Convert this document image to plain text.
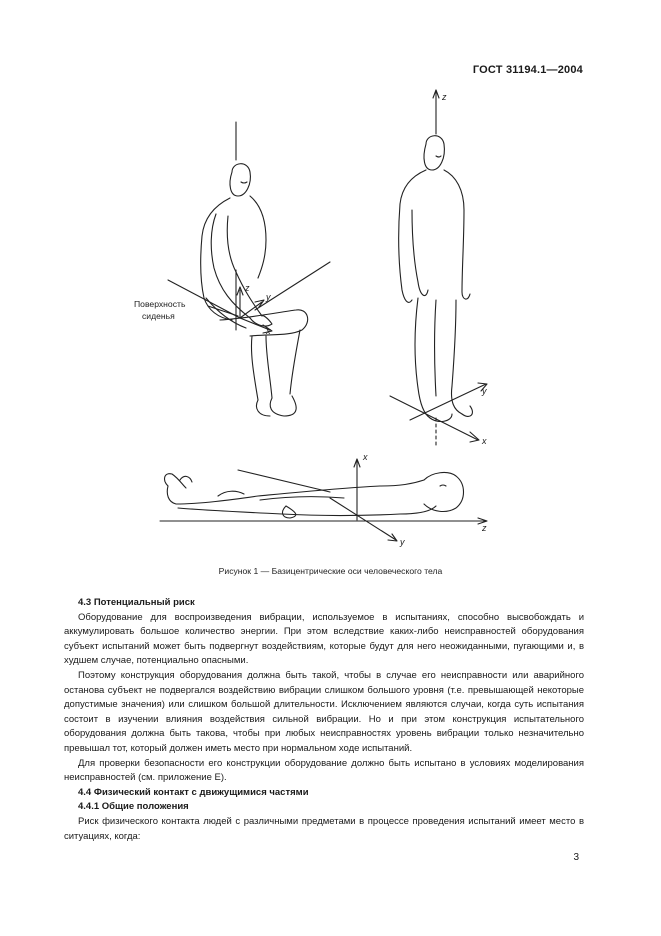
ГОСТ 31194.1—2004
Поверхность
сиденья
z
y
x
z
y
x
x
z
y
Рисунок 1 — Базицентрические оси человеческого тела
4.3 Потенциальный риск

Оборудование для воспроизведения вибрации, используемое в испытаниях, способно высвобождать и аккумулировать большое количество энергии. При этом вследствие каких-либо неисправностей оборудования субъект испытаний может быть подвергнут воздействиям, которые будут для него неожиданными, пугающими и, в худшем случае, потенциально опасными.

Поэтому конструкция оборудования должна быть такой, чтобы в случае его неисправности или аварийного останова субъект не подвергался воздействию вибрации слишком большого уровня (т.е. превышающей некоторые допустимые значения) или слишком большой длительности. Исключением являются случаи, когда суть испытания состоит в изучении влияния воздействия сильной вибрации. Но и при этом конструкция испытательного оборудования должна быть такова, чтобы при любых неисправностях уровень вибрации только незначительно превышал тот, который должен иметь место при нормальном ходе испытаний.

Для проверки безопасности его конструкции оборудование должно быть испытано в условиях моделирования неисправностей (см. приложение Е).

4.4 Физический контакт с движущимися частями
4.4.1 Общие положения

Риск физического контакта людей с различными предметами в процессе проведения испытаний имеет место в ситуациях, когда:

3
